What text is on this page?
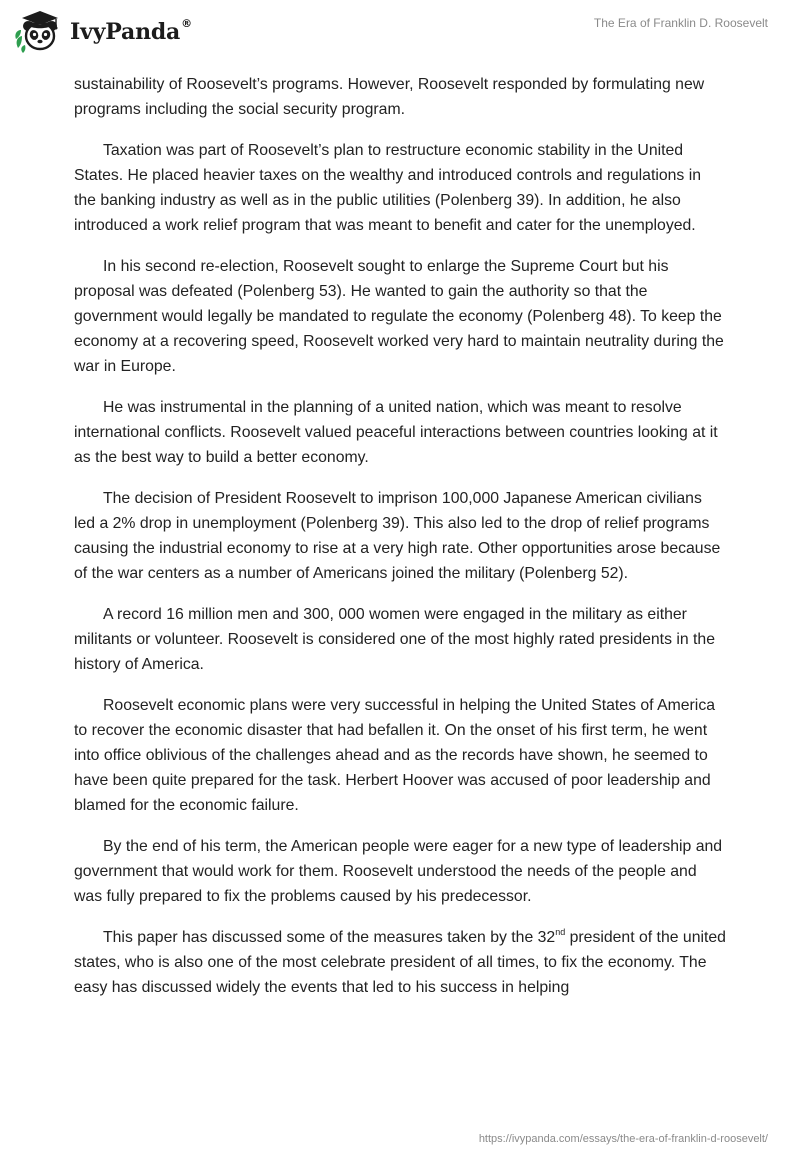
IvyPanda®	The Era of Franklin D. Roosevelt

sustainability of Roosevelt’s programs. However, Roosevelt responded by formulating new programs including the social security program.

Taxation was part of Roosevelt’s plan to restructure economic stability in the United States. He placed heavier taxes on the wealthy and introduced controls and regulations in the banking industry as well as in the public utilities (Polenberg 39). In addition, he also introduced a work relief program that was meant to benefit and cater for the unemployed.

In his second re-election, Roosevelt sought to enlarge the Supreme Court but his proposal was defeated (Polenberg 53). He wanted to gain the authority so that the government would legally be mandated to regulate the economy (Polenberg 48). To keep the economy at a recovering speed, Roosevelt worked very hard to maintain neutrality during the war in Europe.

He was instrumental in the planning of a united nation, which was meant to resolve international conflicts. Roosevelt valued peaceful interactions between countries looking at it as the best way to build a better economy.

The decision of President Roosevelt to imprison 100,000 Japanese American civilians led a 2% drop in unemployment (Polenberg 39). This also led to the drop of relief programs causing the industrial economy to rise at a very high rate. Other opportunities arose because of the war centers as a number of Americans joined the military (Polenberg 52).

A record 16 million men and 300, 000 women were engaged in the military as either militants or volunteer. Roosevelt is considered one of the most highly rated presidents in the history of America.

Roosevelt economic plans were very successful in helping the United States of America to recover the economic disaster that had befallen it. On the onset of his first term, he went into office oblivious of the challenges ahead and as the records have shown, he seemed to have been quite prepared for the task. Herbert Hoover was accused of poor leadership and blamed for the economic failure.

By the end of his term, the American people were eager for a new type of leadership and government that would work for them. Roosevelt understood the needs of the people and was fully prepared to fix the problems caused by his predecessor.

This paper has discussed some of the measures taken by the 32nd president of the united states, who is also one of the most celebrate president of all times, to fix the economy. The easy has discussed widely the events that led to his success in helping

https://ivypanda.com/essays/the-era-of-franklin-d-roosevelt/
